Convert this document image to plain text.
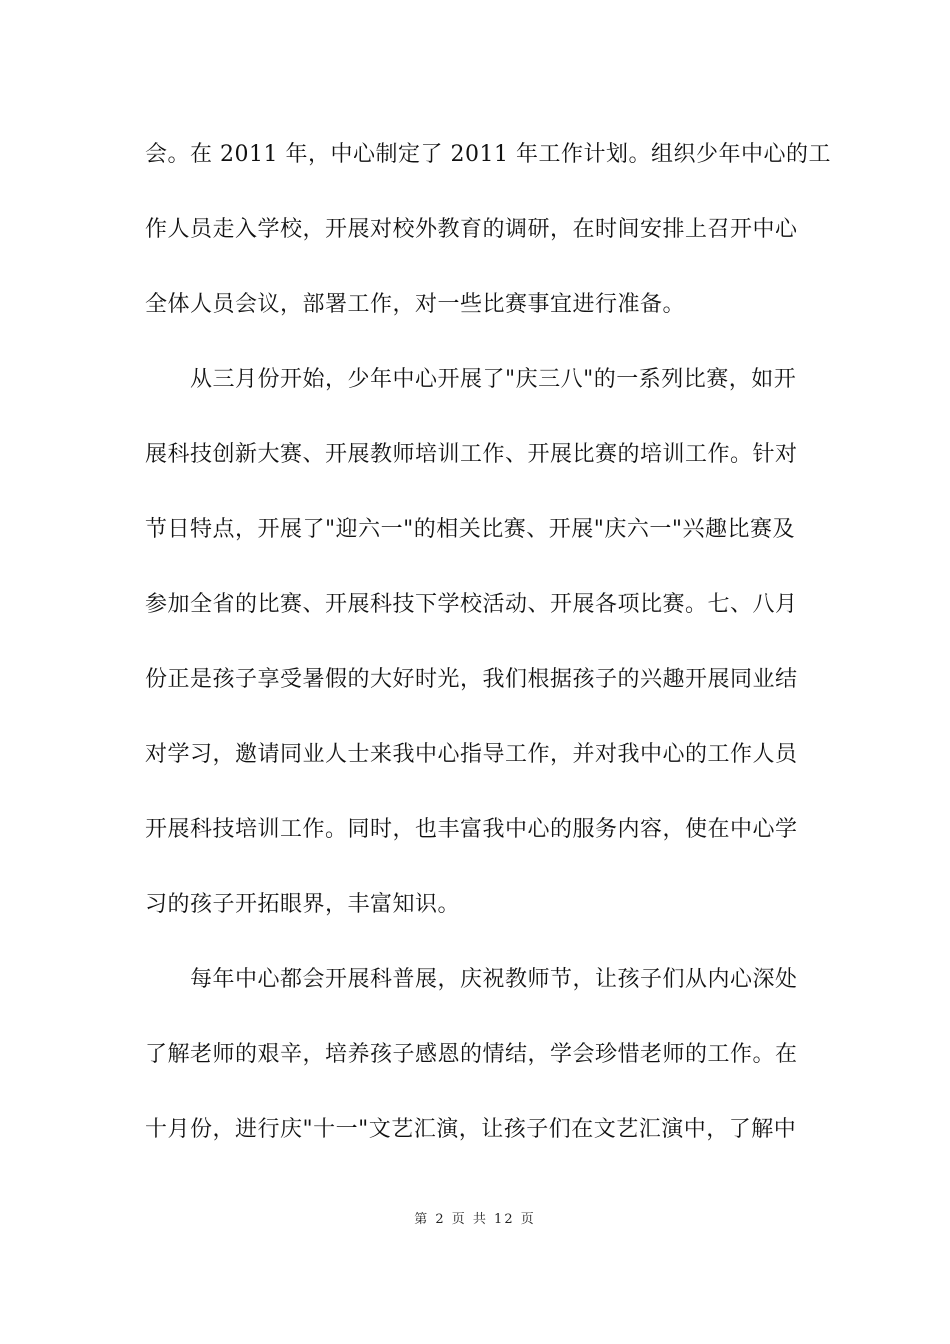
会。在 2011 年，中心制定了 2011 年工作计划。组织少年中心的工
作人员走入学校，开展对校外教育的调研，在时间安排上召开中心
全体人员会议，部署工作，对一些比赛事宜进行准备。
从三月份开始，少年中心开展了"庆三八"的一系列比赛，如开
展科技创新大赛、开展教师培训工作、开展比赛的培训工作。针对
节日特点，开展了"迎六一"的相关比赛、开展"庆六一"兴趣比赛及
参加全省的比赛、开展科技下学校活动、开展各项比赛。七、八月
份正是孩子享受暑假的大好时光，我们根据孩子的兴趣开展同业结
对学习，邀请同业人士来我中心指导工作，并对我中心的工作人员
开展科技培训工作。同时，也丰富我中心的服务内容，使在中心学
习的孩子开拓眼界，丰富知识。
每年中心都会开展科普展，庆祝教师节，让孩子们从内心深处
了解老师的艰辛，培养孩子感恩的情结，学会珍惜老师的工作。在
十月份，进行庆"十一"文艺汇演，让孩子们在文艺汇演中，了解中
第 2 页 共 12 页
